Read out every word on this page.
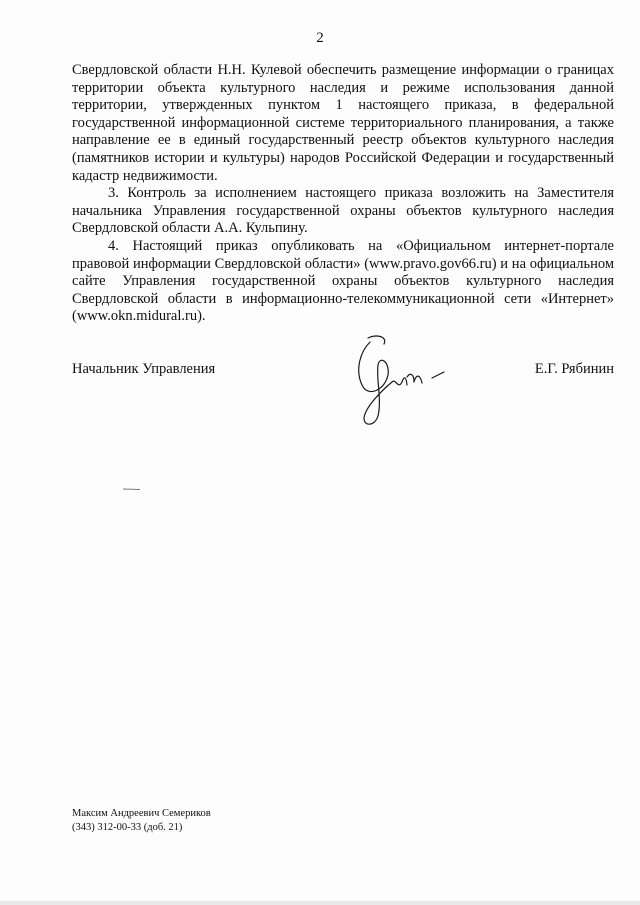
2

Свердловской области Н.Н. Кулевой обеспечить размещение информации о границах территории объекта культурного наследия и режиме использования данной территории, утвержденных пунктом 1 настоящего приказа, в федеральной государственной информационной системе территориального планирования, а также направление ее в единый государственный реестр объектов культурного наследия (памятников истории и культуры) народов Российской Федерации и государственный кадастр недвижимости.

3. Контроль за исполнением настоящего приказа возложить на Заместителя начальника Управления государственной охраны объектов культурного наследия Свердловской области А.А. Кульпину.

4. Настоящий приказ опубликовать на «Официальном интернет-портале правовой информации Свердловской области» (www.pravo.gov66.ru) и на официальном сайте Управления государственной охраны объектов культурного наследия Свердловской области в информационно-телекоммуникационной сети «Интернет» (www.okn.midural.ru).

Начальник Управления	Е.Г. Рябинин
Максим Андреевич Семериков
(343) 312-00-33 (доб. 21)
